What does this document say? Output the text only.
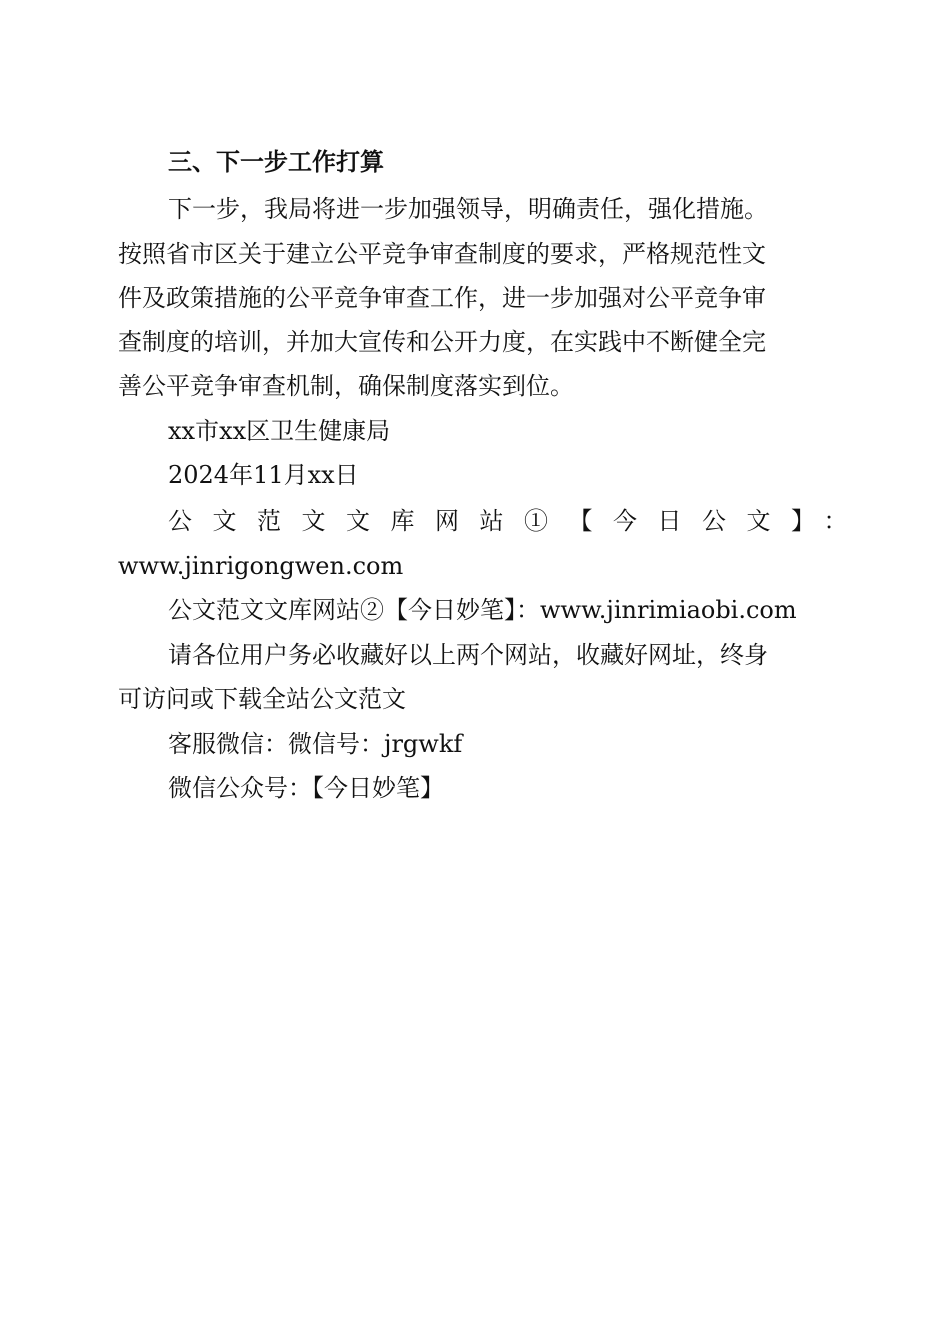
三、下一步工作打算
下一步，我局将进一步加强领导，明确责任，强化措施。
按照省市区关于建立公平竞争审查制度的要求，严格规范性文
件及政策措施的公平竞争审查工作，进一步加强对公平竞争审
查制度的培训，并加大宣传和公开力度，在实践中不断健全完
善公平竞争审查机制，确保制度落实到位。
xx市xx区卫生健康局
2024年11月xx日
公文范文文库网站①【今日公文】：
www.jinrigongwen.com
公文范文文库网站②【今日妙笔】：www.jinrimiaobi.com
请各位用户务必收藏好以上两个网站，收藏好网址，终身
可访问或下载全站公文范文
客服微信：微信号：jrgwkf
微信公众号：【今日妙笔】
